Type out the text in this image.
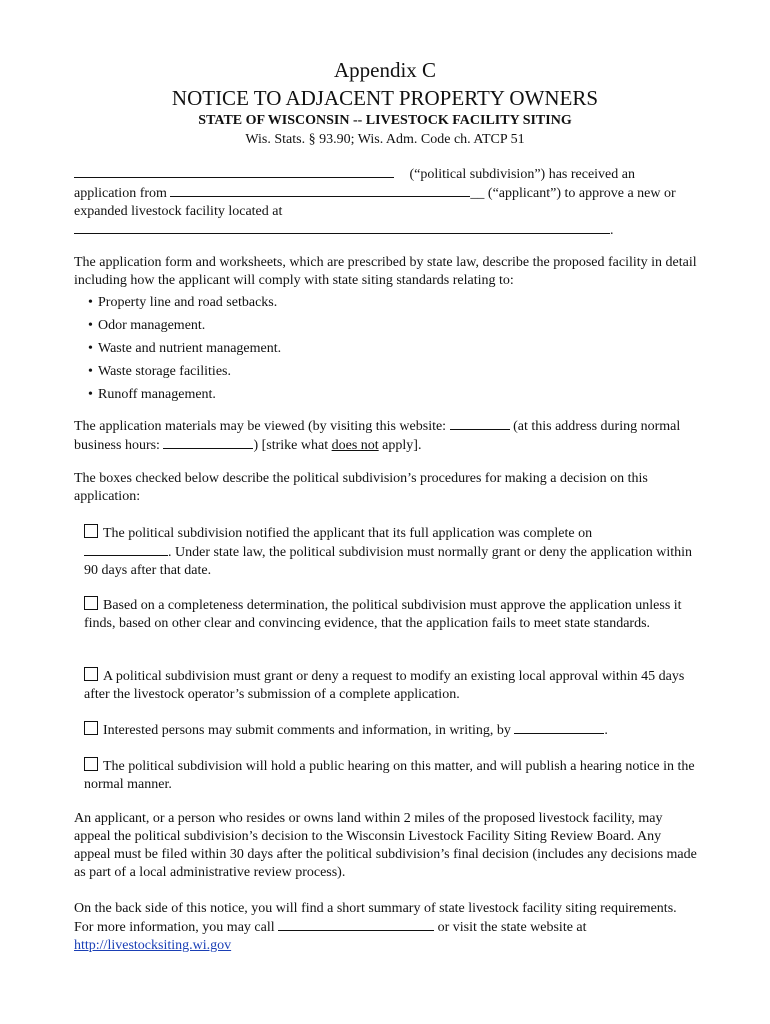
Appendix C
NOTICE TO ADJACENT PROPERTY OWNERS
STATE OF WISCONSIN -- LIVESTOCK FACILITY SITING
Wis. Stats. § 93.90; Wis. Adm. Code ch. ATCP 51
(“political subdivision”) has received an
application from	__ (“applicant”) to approve a new or
expanded livestock facility located at
.
The application form and worksheets, which are prescribed by state law, describe the proposed facility in detail including how the applicant will comply with state siting standards relating to:
• Property line and road setbacks.
• Odor management.
• Waste and nutrient management.
• Waste storage facilities.
• Runoff management.
The application materials may be viewed (by visiting this website:	(at this address during normal business hours:	) [strike what does not apply].
The boxes checked below describe the political subdivision’s procedures for making a decision on this application:
The political subdivision notified the applicant that its full application was complete on
. Under state law, the political subdivision must normally grant or deny the application within 90 days after that date.
Based on a completeness determination, the political subdivision must approve the application unless it finds, based on other clear and convincing evidence, that the application fails to meet state standards.
A political subdivision must grant or deny a request to modify an existing local approval within 45 days after the livestock operator’s submission of a complete application.
Interested persons may submit comments and information, in writing, by	.
The political subdivision will hold a public hearing on this matter, and will publish a hearing notice in the normal manner.
An applicant, or a person who resides or owns land within 2 miles of the proposed livestock facility, may appeal the political subdivision’s decision to the Wisconsin Livestock Facility Siting Review Board. Any appeal must be filed within 30 days after the political subdivision’s final decision (includes any decisions made as part of a local administrative review process).
On the back side of this notice, you will find a short summary of state livestock facility siting requirements. For more information, you may call	or visit the state website at http://livestocksiting.wi.gov
